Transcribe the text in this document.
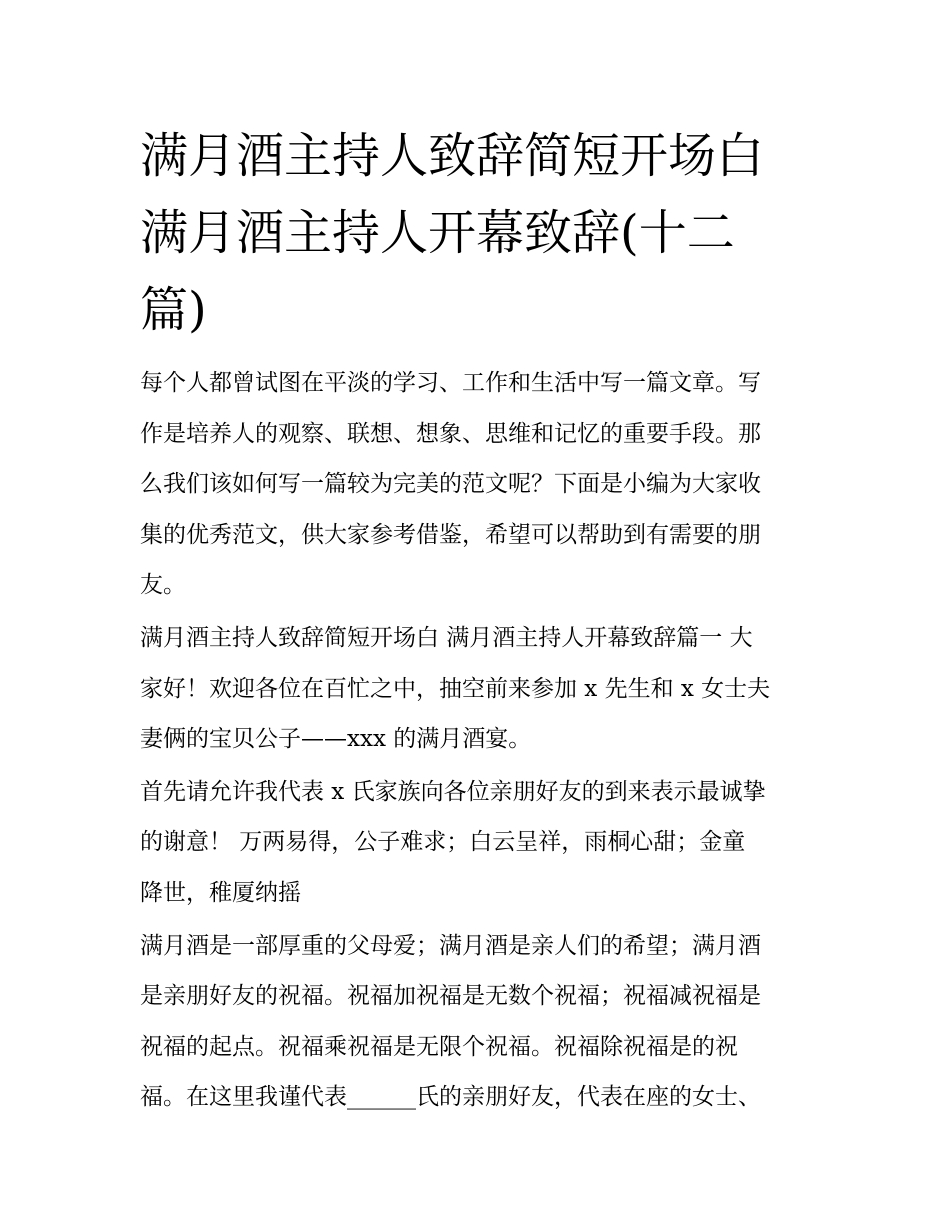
满月酒主持人致辞简短开场白
满月酒主持人开幕致辞(十二
篇)

每个人都曾试图在平淡的学习、工作和生活中写一篇文章。写
作是培养人的观察、联想、想象、思维和记忆的重要手段。那
么我们该如何写一篇较为完美的范文呢？下面是小编为大家收
集的优秀范文，供大家参考借鉴，希望可以帮助到有需要的朋
友。

满月酒主持人致辞简短开场白 满月酒主持人开幕致辞篇一 大
家好！欢迎各位在百忙之中，抽空前来参加 x 先生和 x 女士夫
妻俩的宝贝公子——xxx 的满月酒宴。

首先请允许我代表 x 氏家族向各位亲朋好友的到来表示最诚挚
的谢意！ 万两易得，公子难求；白云呈祥，雨桐心甜；金童
降世，稚厦纳摇

满月酒是一部厚重的父母爱；满月酒是亲人们的希望；满月酒
是亲朋好友的祝福。祝福加祝福是无数个祝福；祝福减祝福是
祝福的起点。祝福乘祝福是无限个祝福。祝福除祝福是的祝
福。在这里我谨代表______氏的亲朋好友，代表在座的女士、
